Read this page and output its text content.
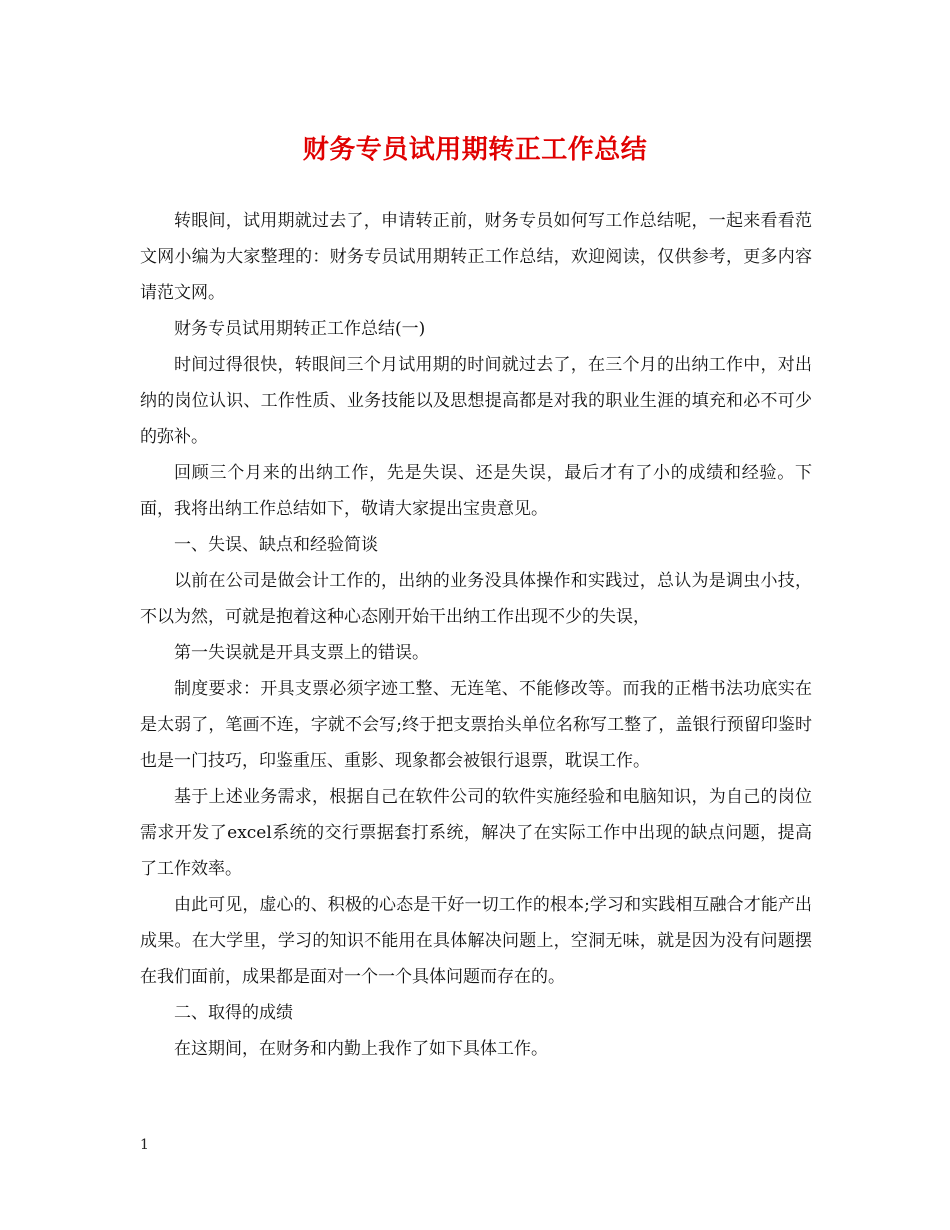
财务专员试用期转正工作总结

转眼间，试用期就过去了，申请转正前，财务专员如何写工作总结呢，一起来看看范文网小编为大家整理的：财务专员试用期转正工作总结，欢迎阅读，仅供参考，更多内容请范文网。

财务专员试用期转正工作总结(一)

时间过得很快，转眼间三个月试用期的时间就过去了，在三个月的出纳工作中，对出纳的岗位认识、工作性质、业务技能以及思想提高都是对我的职业生涯的填充和必不可少的弥补。

回顾三个月来的出纳工作，先是失误、还是失误，最后才有了小的成绩和经验。下面，我将出纳工作总结如下，敬请大家提出宝贵意见。

一、失误、缺点和经验简谈

以前在公司是做会计工作的，出纳的业务没具体操作和实践过，总认为是调虫小技，不以为然，可就是抱着这种心态刚开始干出纳工作出现不少的失误，

第一失误就是开具支票上的错误。

制度要求：开具支票必须字迹工整、无连笔、不能修改等。而我的正楷书法功底实在是太弱了，笔画不连，字就不会写;终于把支票抬头单位名称写工整了，盖银行预留印鉴时也是一门技巧，印鉴重压、重影、现象都会被银行退票，耽误工作。

基于上述业务需求，根据自己在软件公司的软件实施经验和电脑知识，为自己的岗位需求开发了excel系统的交行票据套打系统，解决了在实际工作中出现的缺点问题，提高了工作效率。

由此可见，虚心的、积极的心态是干好一切工作的根本;学习和实践相互融合才能产出成果。在大学里，学习的知识不能用在具体解决问题上，空洞无味，就是因为没有问题摆在我们面前，成果都是面对一个一个具体问题而存在的。

二、取得的成绩

在这期间，在财务和内勤上我作了如下具体工作。

1
